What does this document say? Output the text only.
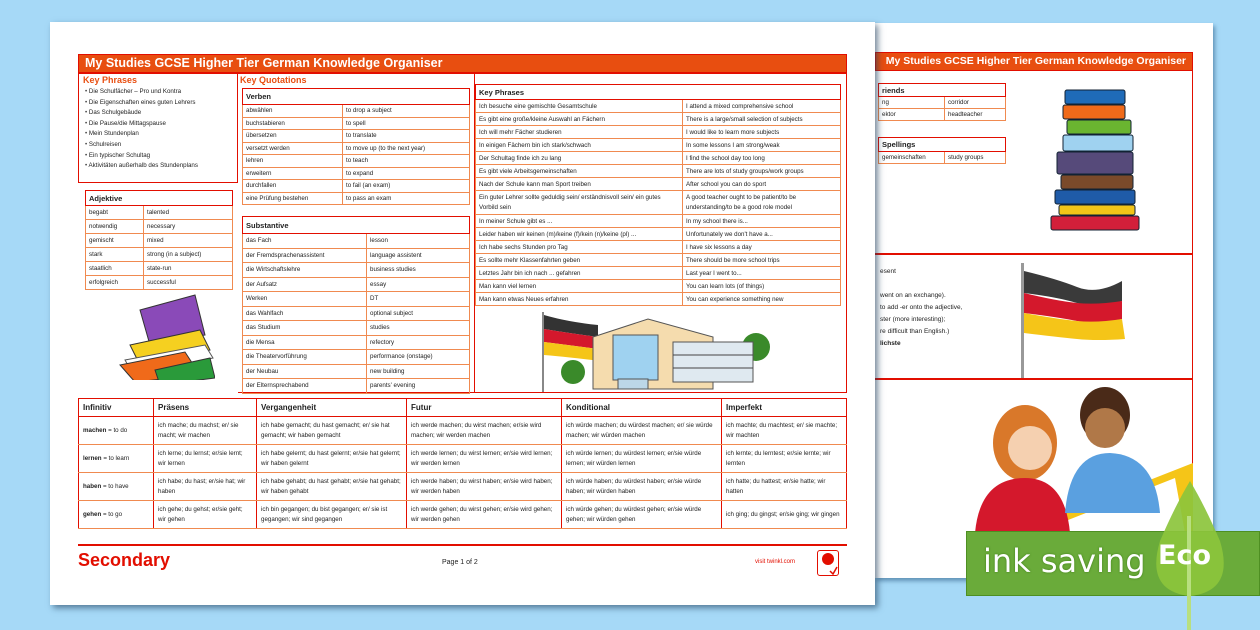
My Studies GCSE Higher Tier German Knowledge Organiser
riends	
ng	corridor
ektor	headteacher
Spellings
gemeinschaften	study groups
esent
went on an exchange).
to add -er onto the adjective,
ster (more interesting);
re difficult than English.)
lichste
My Studies GCSE Higher Tier German Knowledge Organiser
Key Phrases
• Die Schulfächer – Pro und Kontra
• Die Eigenschaften eines guten Lehrers
• Das Schulgebäude
• Die Pause/die Mittagspause
• Mein Stundenplan
• Schulreisen
• Ein typischer Schultag
• Aktivitäten außerhalb des Stundenplans
Adjektive	
begabt	talented
notwendig	necessary
gemischt	mixed
stark	strong (in a subject)
staatlich	state-run
erfolgreich	successful
Key Quotations
Verben	
abwählen	to drop a subject
buchstabieren	to spell
übersetzen	to translate
versetzt werden	to move up (to the next year)
lehren	to teach
erweitern	to expand
durchfallen	to fail (an exam)
eine Prüfung bestehen	to pass an exam
Substantive	
das Fach	lesson
der Fremdsprachenassistent	language assistent
die Wirtschaftslehre	business studies
der Aufsatz	essay
Werken	DT
das Wahlfach	optional subject
das Studium	studies
die Mensa	refectory
die Theatervorführung	performance (onstage)
der Neubau	new building
der Elternsprechabend	parents' evening
Key Phrases	
Ich besuche eine gemischte Gesamtschule	I attend a mixed comprehensive school
Es gibt eine große/kleine Auswahl an Fächern	There is a large/small selection of subjects
Ich will mehr Fächer studieren	I would like to learn more subjects
In einigen Fächern bin ich stark/schwach	In some lessons I am strong/weak
Der Schultag finde ich zu lang	I find the school day too long
Es gibt viele Arbeitsgemeinschaften	There are lots of study groups/work groups
Nach der Schule kann man Sport treiben	After school you can do sport
Ein guter Lehrer sollte geduldig sein/ erständnisvoll sein/ ein gutes Vorbild sein	A good teacher ought to be patient/to be understanding/to be a good role model
In meiner Schule gibt es ...	In my school there is...
Leider haben wir keinen (m)/keine (f)/kein (n)/keine (pl) ...	Unfortunately we don't have a...
Ich habe sechs Stunden pro Tag	I have six lessons a day
Es sollte mehr Klassenfahrten geben	There should be more school trips
Letztes Jahr bin ich nach ... gefahren	Last year I went to...
Man kann viel lernen	You can learn lots (of things)
Man kann etwas Neues erfahren	You can experience something new
Infinitiv	Präsens	Vergangenheit	Futur	Konditional	Imperfekt
machen = to do	ich mache; du machst; er/ sie macht; wir machen	ich habe gemacht; du hast gemacht; er/ sie hat gemacht; wir haben gemacht	ich werde machen; du wirst machen; er/sie wird machen; wir werden machen	ich würde machen; du würdest machen; er/ sie würde machen; wir würden machen	ich machte; du machtest; er/ sie machte; wir machten
lernen = to learn	ich lerne; du lernst; er/sie lernt; wir lernen	ich habe gelernt; du hast gelernt; er/sie hat gelernt; wir haben gelernt	ich werde lernen; du wirst lernen; er/sie wird lernen; wir werden lernen	ich würde lernen; du würdest lernen; er/sie würde lernen; wir würden lernen	ich lernte; du lerntest; er/sie lernte; wir lernten
haben = to have	ich habe; du hast; er/sie hat; wir haben	ich habe gehabt; du hast gehabt; er/sie hat gehabt; wir haben gehabt	ich werde haben; du wirst haben; er/sie wird haben; wir werden haben	ich würde haben; du würdest haben; er/sie würde haben; wir würden haben	ich hatte; du hattest; er/sie hatte; wir hatten
gehen = to go	ich gehe; du gehst; er/sie geht; wir gehen	ich bin gegangen; du bist gegangen; er/ sie ist gegangen; wir sind gegangen	ich werde gehen; du wirst gehen; er/sie wird gehen; wir werden gehen	ich würde gehen; du würdest gehen; er/sie würde gehen; wir würden gehen	ich ging; du gingst; er/sie ging; wir gingen
Secondary	Page 1 of 2	visit twinkl.com	ink saving Eco
